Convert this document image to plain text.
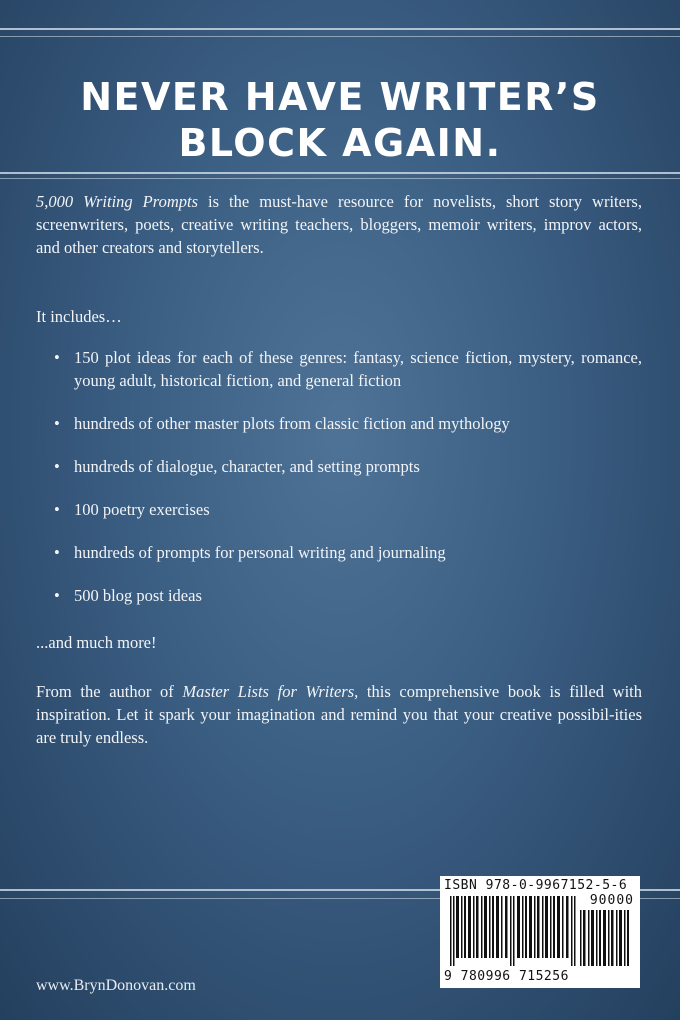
NEVER HAVE WRITER’S
BLOCK AGAIN.

5,000 Writing Prompts is the must-have resource for novelists, short story writers, screenwriters, poets, creative writing teachers, bloggers, memoir writers, improv actors, and other creators and storytellers.

It includes…

• 150 plot ideas for each of these genres: fantasy, science fiction, mystery, romance, young adult, historical fiction, and general fiction
• hundreds of other master plots from classic fiction and mythology
• hundreds of dialogue, character, and setting prompts
• 100 poetry exercises
• hundreds of prompts for personal writing and journaling
• 500 blog post ideas

...and much more!

From the author of Master Lists for Writers, this comprehensive book is filled with inspiration. Let it spark your imagination and remind you that your creative possibil-ities are truly endless.

www.BrynDonovan.com
ISBN 978-0-9967152-5-6
90000
9 780996 715256
